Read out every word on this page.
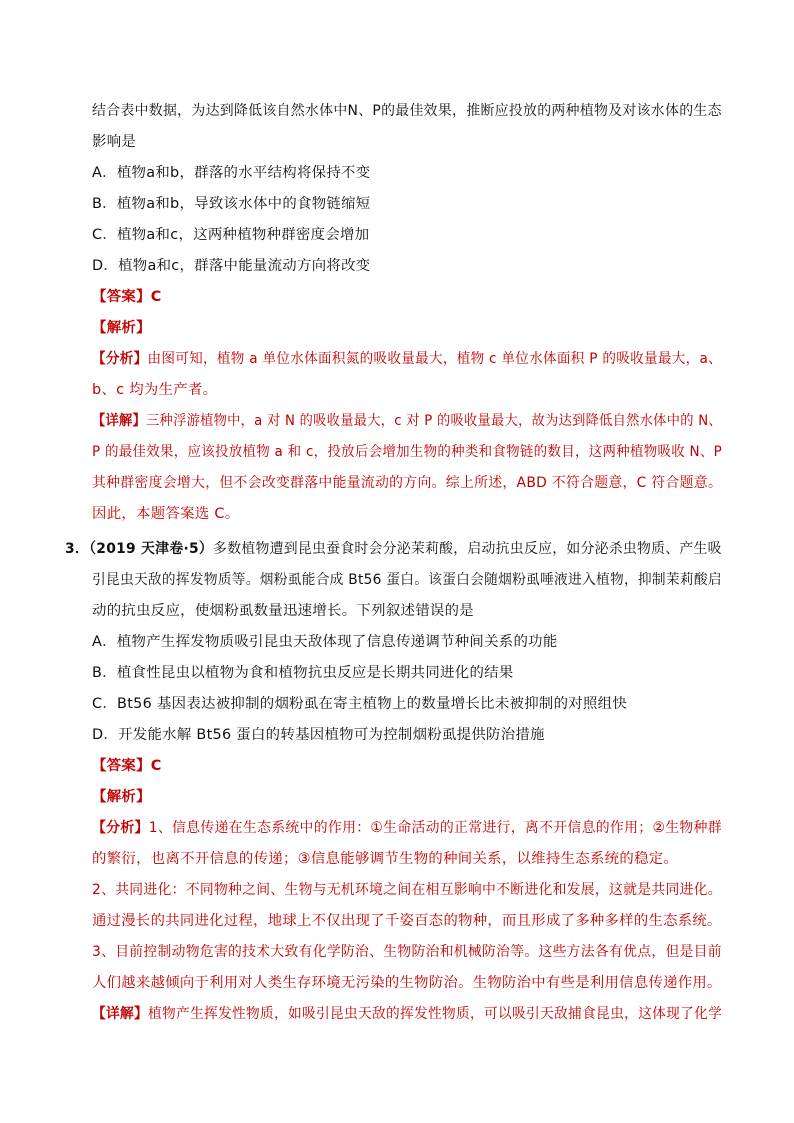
结合表中数据，为达到降低该自然水体中N、P的最佳效果，推断应投放的两种植物及对该水体的生态
影响是
A．植物a和b，群落的水平结构将保持不变
B．植物a和b，导致该水体中的食物链缩短
C．植物a和c，这两种植物种群密度会增加
D．植物a和c，群落中能量流动方向将改变
【答案】C
【解析】
【分析】由图可知，植物 a 单位水体面积氮的吸收量最大，植物 c 单位水体面积 P 的吸收量最大，a、
b、c 均为生产者。
【详解】三种浮游植物中，a 对 N 的吸收量最大，c 对 P 的吸收量最大，故为达到降低自然水体中的 N、
P 的最佳效果，应该投放植物 a 和 c，投放后会增加生物的种类和食物链的数目，这两种植物吸收 N、P
其种群密度会增大，但不会改变群落中能量流动的方向。综上所述，ABD 不符合题意，C 符合题意。
因此，本题答案选 C。
3．（2019 天津卷·5）多数植物遭到昆虫蚕食时会分泌茉莉酸，启动抗虫反应，如分泌杀虫物质、产生吸
引昆虫天敌的挥发物质等。烟粉虱能合成 Bt56 蛋白。该蛋白会随烟粉虱唾液进入植物，抑制茉莉酸启
动的抗虫反应，使烟粉虱数量迅速增长。下列叙述错误的是
A．植物产生挥发物质吸引昆虫天敌体现了信息传递调节种间关系的功能
B．植食性昆虫以植物为食和植物抗虫反应是长期共同进化的结果
C．Bt56 基因表达被抑制的烟粉虱在寄主植物上的数量增长比未被抑制的对照组快
D．开发能水解 Bt56 蛋白的转基因植物可为控制烟粉虱提供防治措施
【答案】C
【解析】
【分析】1、信息传递在生态系统中的作用：①生命活动的正常进行，离不开信息的作用；②生物种群
的繁衍，也离不开信息的传递；③信息能够调节生物的种间关系，以维持生态系统的稳定。
2、共同进化：不同物种之间、生物与无机环境之间在相互影响中不断进化和发展，这就是共同进化。
通过漫长的共同进化过程，地球上不仅出现了千姿百态的物种，而且形成了多种多样的生态系统。
3、目前控制动物危害的技术大致有化学防治、生物防治和机械防治等。这些方法各有优点，但是目前
人们越来越倾向于利用对人类生存环境无污染的生物防治。生物防治中有些是利用信息传递作用。
【详解】植物产生挥发性物质，如吸引昆虫天敌的挥发性物质，可以吸引天敌捕食昆虫，这体现了化学
